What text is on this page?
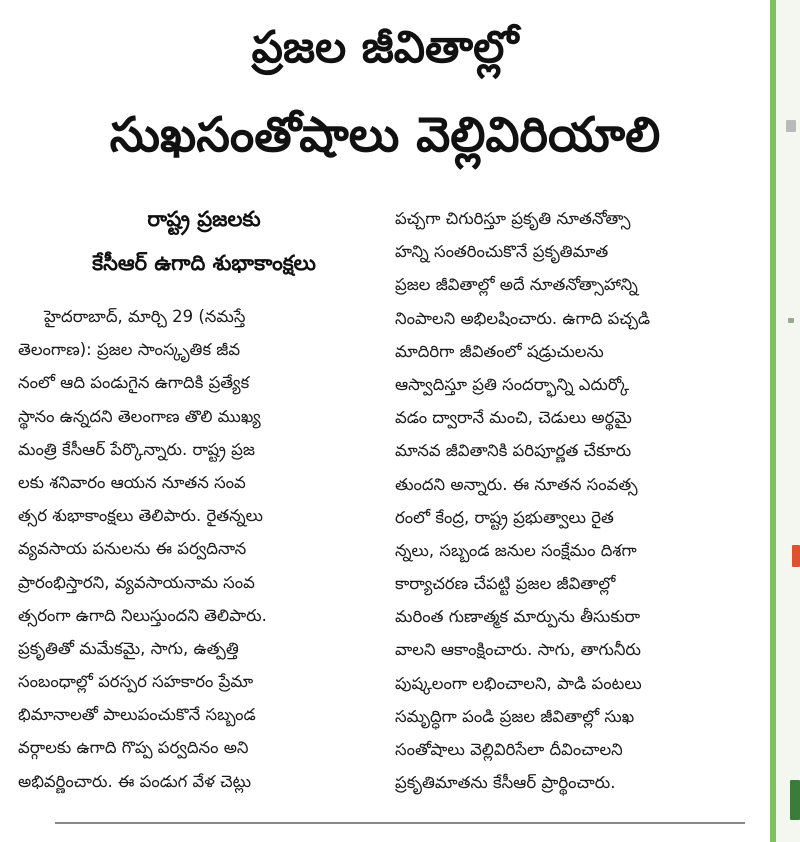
ప్రజల జీవితాల్లో
సుఖసంతోషాలు వెల్లివిరియాలి
రాష్ట్ర ప్రజలకు
కేసీఆర్ ఉగాది శుభాకాంక్షలు
హైదరాబాద్, మార్చి 29 (నమస్తే
తెలంగాణ): ప్రజల సాంస్కృతిక జీవ
నంలో ఆది పండుగైన ఉగాదికి ప్రత్యేక
స్థానం ఉన్నదని తెలంగాణ తొలి ముఖ్య
మంత్రి కేసీఆర్ పేర్కొన్నారు. రాష్ట్ర ప్రజ
లకు శనివారం ఆయన నూతన సంవ
త్సర శుభాకాంక్షలు తెలిపారు. రైతన్నలు
వ్యవసాయ పనులను ఈ పర్వదినాన
ప్రారంభిస్తారని, వ్యవసాయనామ సంవ
త్సరంగా ఉగాది నిలుస్తుందని తెలిపారు.
ప్రకృతితో మమేకమై, సాగు, ఉత్పత్తి
సంబంధాల్లో పరస్పర సహకారం ప్రేమా
భిమానాలతో పాలుపంచుకొనే సబ్బండ
వర్గాలకు ఉగాది గొప్ప పర్వదినం అని
అభివర్ణించారు. ఈ పండుగ వేళ చెట్లు
పచ్చగా చిగురిస్తూ ప్రకృతి నూతనోత్సా
హన్ని సంతరించుకొనే ప్రకృతిమాత
ప్రజల జీవితాల్లో అదే నూతనోత్సాహాన్ని
నింపాలని అభిలషించారు. ఉగాది పచ్చడి
మాదిరిగా జీవితంలో షడ్రుచులను
ఆస్వాదిస్తూ ప్రతి సందర్భాన్ని ఎదుర్కో
వడం ద్వారానే మంచి, చెడులు అర్థమై
మానవ జీవితానికి పరిపూర్ణత చేకూరు
తుందని అన్నారు. ఈ నూతన సంవత్స
రంలో కేంద్ర, రాష్ట్ర ప్రభుత్వాలు రైత
న్నలు, సబ్బండ జనుల సంక్షేమం దిశగా
కార్యాచరణ చేపట్టి ప్రజల జీవితాల్లో
మరింత గుణాత్మక మార్పును తీసుకురా
వాలని ఆకాంక్షించారు. సాగు, తాగునీరు
పుష్కలంగా లభించాలని, పాడి పంటలు
సమృద్ధిగా పండి ప్రజల జీవితాల్లో సుఖ
సంతోషాలు వెల్లివిరిసేలా దీవించాలని
ప్రకృతిమాతను కేసీఆర్ ప్రార్థించారు.
